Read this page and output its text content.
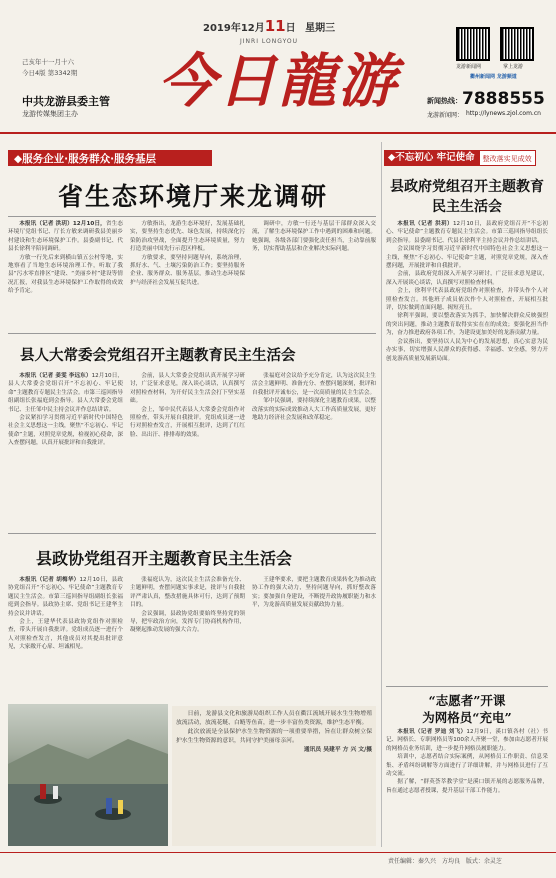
2019年12月11日 星期三
JINRI LONGYOU
己亥年十一月十六
今日4版 第3342期
中共龙游县委主管
龙游传媒集团主办 今日龍游	龙游新闻网	掌上龙游
衢州新闻网 龙游频道
新闻热线： 7888555
龙游新闻网： http://lynews.zjol.com.cn
◆服务企业·服务群众·服务基层	◆不忘初心 牢记使命	整改落实见成效
省生态环境厅来龙调研

本报讯（记者 洪玥）12月10日，省生态环境厅党组书记、厅长方敏来调研我县美丽乡村建设和生态环境保护工作。县委副书记、代县长徐利平陪同调研。

方敏一行先后来到横山镇五公村等地，实地察看了当地生态环境治理工作，听取了我县“污水零直排区”建设、“美丽乡村”建设等情况汇报，对我县生态环境保护工作取得的成效给予肯定。

方敏指出，龙游生态环境好，发展基础扎实，要坚持生态优先、绿色发展，持续深化污染防治攻坚战，全面提升生态环境质量，努力打造美丽中国先行示范区样板。

方敏要求，要坚持问题导向，系统治理，抓好水、气、土壤污染防治工作；要坚持服务企业、服务群众、服务基层，推动生态环境保护与经济社会发展互促共进。

调研中，方敏一行还与基层干部群众深入交流，了解生态环境保护工作中遇到的困难和问题。她强调，各级各部门要强化责任担当，主动靠前服务，切实帮助基层和企业解决实际问题。

县人大常委会党组召开主题教育民主生活会

本报讯（记者 姜雯 李远东）12月10日，县人大常委会党组召开“不忘初心、牢记使命”主题教育专题民主生活会。市第三巡回指导组副组长张福庭到会指导。县人大常委会党组书记、主任邹中民主持会议并作总结讲话。

会议紧扣学习贯彻习近平新时代中国特色社会主义思想这一主线，聚焦“不忘初心、牢记使命”主题，对照党章党规，检视初心使命，深入查摆问题，认真开展批评和自我批评。

会前，县人大常委会党组认真开展学习研讨，广泛征求意见，深入谈心谈话，认真撰写对照检查材料，为开好民主生活会打下坚实基础。

会上，邹中民代表县人大常委会党组作对照检查，带头开展自我批评。党组成员逐一进行对照检查发言，开展相互批评，达到了红红脸、出出汗、排排毒的效果。

张福庭对会议给予充分肯定，认为这次民主生活会主题鲜明、准备充分、查摆问题深刻，批评和自我批评开诚布公，是一次高质量的民主生活会。

邹中民强调，要持续深化主题教育成果，以整改落实的实际成效推动人大工作高质量发展，更好地助力经济社会发展和改革稳定。

县政协党组召开主题教育民主生活会

本报讯（记者 胡梅华）12月10日，县政协党组召开“不忘初心、牢记使命”主题教育专题民主生活会。市第三巡回指导组副组长张福庭到会指导。县政协主席、党组书记王建华主持会议并讲话。

会上，王建华代表县政协党组作对照检查，带头开展自我批评。党组成员逐一进行个人对照检查发言，其他成员对其提出批评意见，大家敞开心扉、坦诚相见。

张福庭认为，这次民主生活会准备充分、主题鲜明，查摆问题实事求是，批评与自我批评严肃认真，整改措施具体可行，达到了预期目的。

会议强调，县政协党组要始终坚持党的领导，把牢政治方向，发挥专门协商机构作用，凝聚起推动发展的强大合力。

王建华要求，要把主题教育成果转化为推动政协工作的强大动力，坚持问题导向，抓好整改落实；要加强自身建设，不断提升政协履职能力和水平，为龙游高质量发展贡献政协力量。

日前，龙游县文化和旅游局组织工作人员在衢江流域开展水生生物增殖放流活动，放流花鲢、白鲢等鱼苗，进一步丰富鱼类资源，维护生态平衡。

此次放流是全县保护水生生物资源的一项重要举措，旨在让群众树立保护水生生物资源的意识，共同守护美丽母亲河。

通讯员 吴建平 方 兴 文/摄

县政府党组召开主题教育民主生活会

本报讯（记者 洪玥）12月10日，县政府党组召开“不忘初心、牢记使命”主题教育专题民主生活会。市第三巡回指导组组长到会指导。县委副书记、代县长徐利平主持会议并作总结讲话。

会议围绕学习贯彻习近平新时代中国特色社会主义思想这一主线，聚焦“不忘初心、牢记使命”主题，对照党章党规，深入查摆问题，开展批评和自我批评。

会前，县政府党组深入开展学习研讨，广泛征求意见建议，深入开展谈心谈话，认真撰写对照检查材料。

会上，徐利平代表县政府党组作对照检查，并带头作个人对照检查发言。其他班子成员依次作个人对照检查，开展相互批评，切实做到直面问题、揭短亮丑。

徐利平强调，要以整改落实为抓手，加快解决群众反映强烈的突出问题，推动主题教育取得实实在在的成效；要强化担当作为，奋力推进政府各项工作，为建设更加美好的龙游贡献力量。

会议指出，要坚持以人民为中心的发展思想，真心实意为民办实事，切实增强人民群众的获得感、幸福感、安全感，努力开创龙游高质量发展新局面。

“志愿者”开课
为网格员“充电”

本报讯（记者 罗迪 刘飞）12月9日，溪口镇各村（社）书记、网格长、专职网格员等100余人齐聚一堂，参加由志愿者开展的网格员业务培训，进一步提升网格员履职能力。

培训中，志愿者结合实际案例，从网格员工作职责、信息采集、矛盾纠纷调解等方面进行了详细讲解，并与网格员进行了互动交流。

据了解，“群英荟萃教学堂”是溪口镇开展的志愿服务品牌，旨在通过志愿者授课，提升基层干部工作能力。

责任编辑：秦久兴 方均良 版式：余灵芝
